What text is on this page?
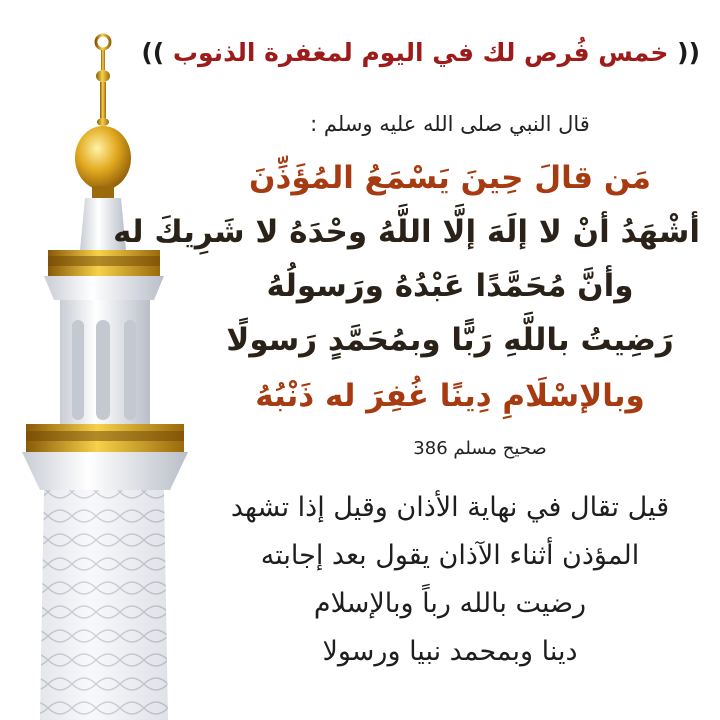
(( خمس فُرص لك في اليوم لمغفرة الذنوب ))
قال النبي صلى الله عليه وسلم :
مَن قالَ حِينَ يَسْمَعُ المُؤَذِّنَ
أشْهَدُ أنْ لا إلَهَ إلَّا اللَّهُ وحْدَهُ لا شَرِيكَ له
وأنَّ مُحَمَّدًا عَبْدُهُ ورَسولُهُ
رَضِيتُ باللَّهِ رَبًّا وبمُحَمَّدٍ رَسولًا
وبالإسْلَامِ دِينًا غُفِرَ له ذَنْبُهُ
صحيح مسلم 386
قيل تقال في نهاية الأذان وقيل إذا تشهد
المؤذن أثناء الآذان يقول بعد إجابته
رضيت بالله رباً وبالإسلام
دينا وبمحمد نبيا ورسولا
